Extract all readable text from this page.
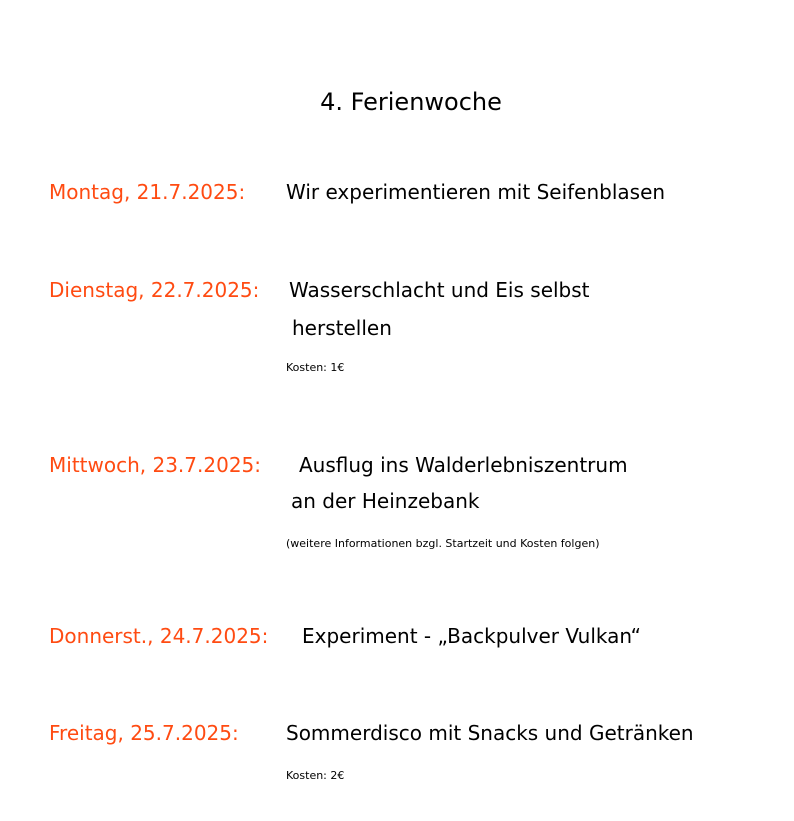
4. Ferienwoche
Montag, 21.7.2025: Wir experimentieren mit Seifenblasen
Dienstag, 22.7.2025: Wasserschlacht und Eis selbst
herstellen
Kosten: 1€
Mittwoch, 23.7.2025: Ausflug ins Walderlebniszentrum
an der Heinzebank
(weitere Informationen bzgl. Startzeit und Kosten folgen)
Donnerst., 24.7.2025: Experiment - „Backpulver Vulkan“
Freitag, 25.7.2025: Sommerdisco mit Snacks und Getränken
Kosten: 2€
